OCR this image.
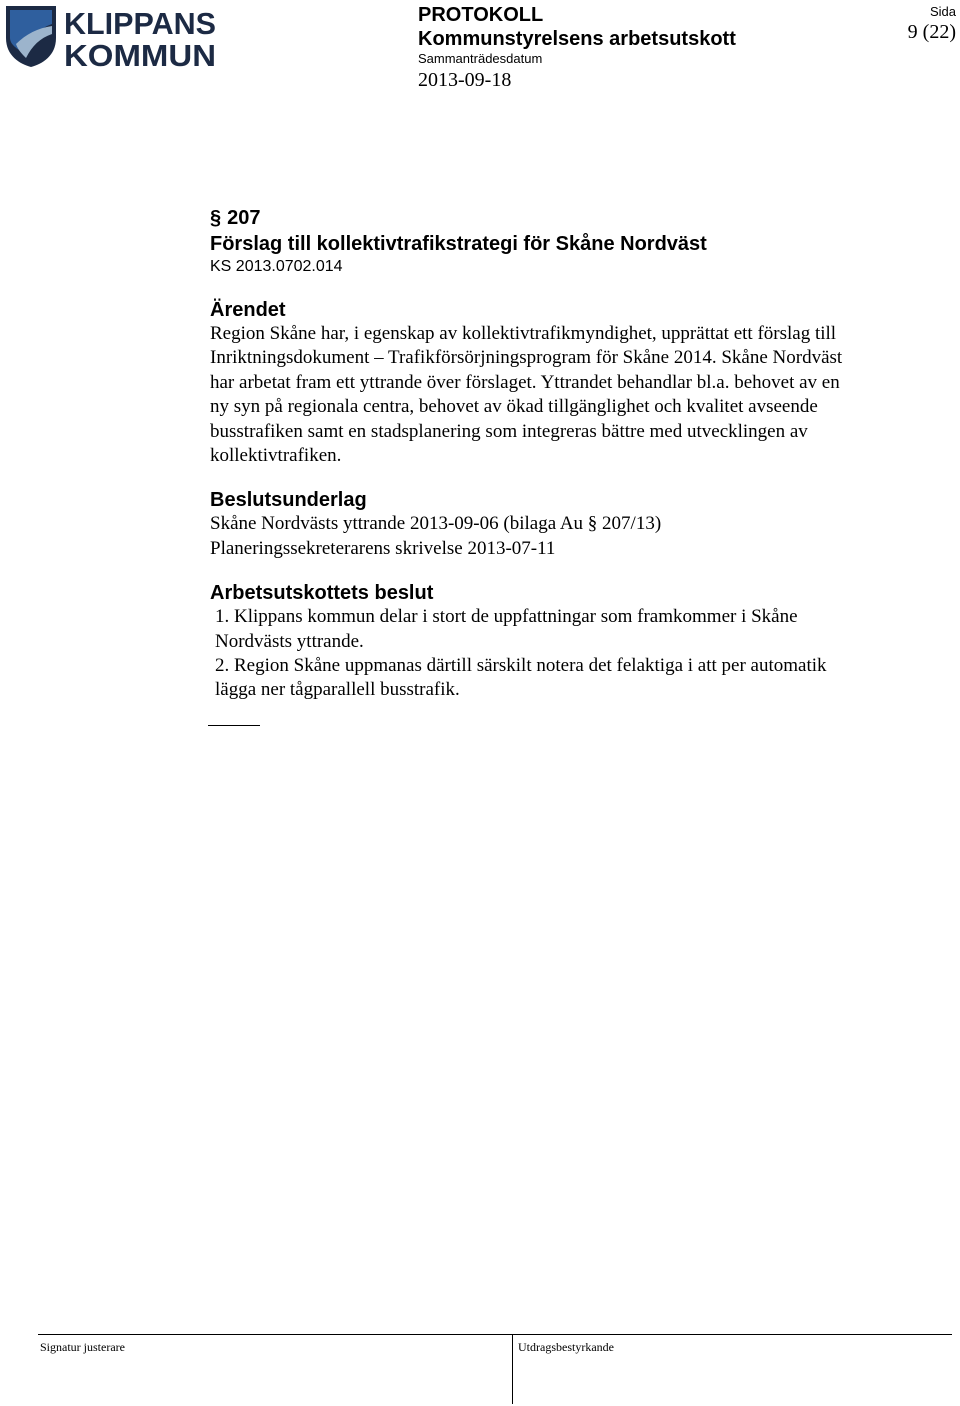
KLIPPANS
KOMMUN
PROTOKOLL
Kommunstyrelsens arbetsutskott
Sammanträdesdatum
2013-09-18
Sida
9 (22)
§ 207
Förslag till kollektivtrafikstrategi för Skåne Nordväst
KS 2013.0702.014
Ärendet
Region Skåne har, i egenskap av kollektivtrafikmyndighet, upprättat ett förslag till
Inriktningsdokument – Trafikförsörjningsprogram för Skåne 2014. Skåne Nordväst
har arbetat fram ett yttrande över förslaget. Yttrandet behandlar bl.a. behovet av en
ny syn på regionala centra, behovet av ökad tillgänglighet och kvalitet avseende
busstrafiken samt en stadsplanering som integreras bättre med utvecklingen av
kollektivtrafiken.
Beslutsunderlag
Skåne Nordvästs yttrande 2013-09-06 (bilaga Au § 207/13)
Planeringssekreterarens skrivelse 2013-07-11
Arbetsutskottets beslut
1. Klippans kommun delar i stort de uppfattningar som framkommer i Skåne
Nordvästs yttrande.
2. Region Skåne uppmanas därtill särskilt notera det felaktiga i att per automatik
lägga ner tågparallell busstrafik.
Signatur justerare	Utdragsbestyrkande
